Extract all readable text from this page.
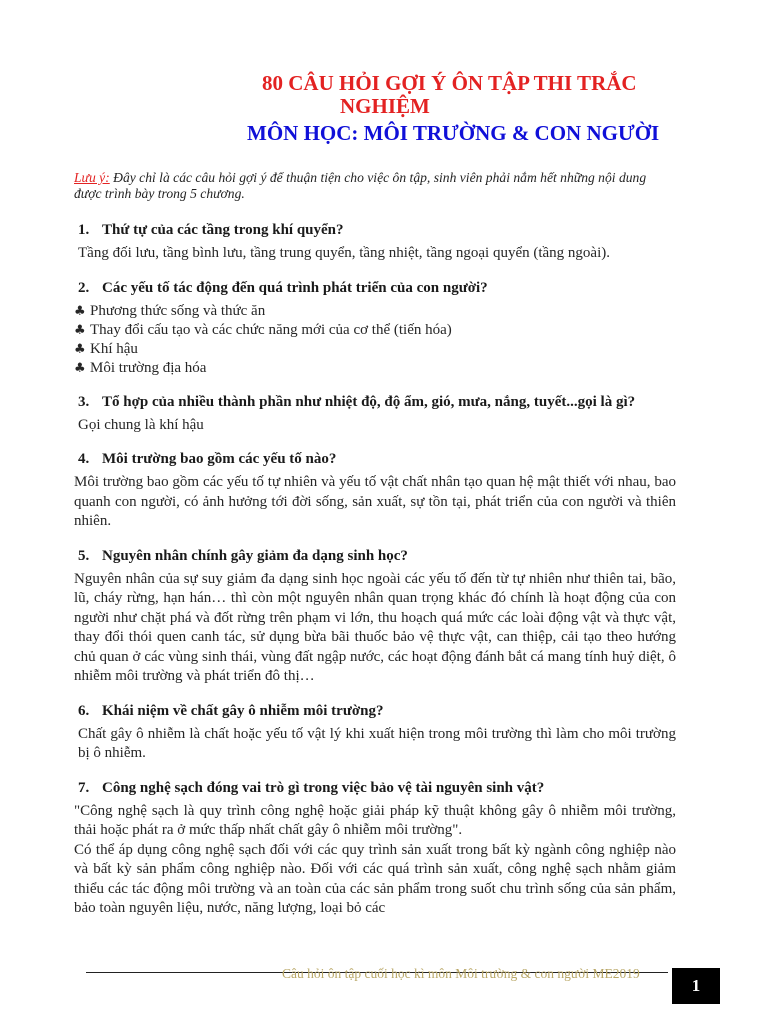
80 CÂU HỎI GỢI Ý ÔN TẬP THI TRẮC
NGHIỆM
MÔN HỌC: MÔI TRƯỜNG & CON NGƯỜI
Lưu ý: Đây chỉ là các câu hỏi gợi ý để thuận tiện cho việc ôn tập, sinh viên phải nắm hết những nội dung được trình bày trong 5 chương.
1. Thứ tự của các tầng trong khí quyển?
Tầng đối lưu, tầng bình lưu, tầng trung quyển, tầng nhiệt, tầng ngoại quyển (tầng ngoài).
2. Các yếu tố tác động đến quá trình phát triển của con người?
♣ Phương thức sống và thức ăn
♣ Thay đổi cấu tạo và các chức năng mới của cơ thể (tiến hóa)
♣ Khí hậu
♣ Môi trường địa hóa
3. Tổ hợp của nhiều thành phần như nhiệt độ, độ ẩm, gió, mưa, nắng, tuyết...gọi là gì?
Gọi chung là khí hậu
4. Môi trường bao gồm các yếu tố nào?
Môi trường bao gồm các yếu tố tự nhiên và yếu tố vật chất nhân tạo quan hệ mật thiết với nhau, bao quanh con người, có ảnh hưởng tới đời sống, sản xuất, sự tồn tại, phát triển của con người và thiên nhiên.
5. Nguyên nhân chính gây giảm đa dạng sinh học?
Nguyên nhân của sự suy giảm đa dạng sinh học ngoài các yếu tố đến từ tự nhiên như thiên tai, bão, lũ, cháy rừng, hạn hán… thì còn một nguyên nhân quan trọng khác đó chính là hoạt động của con người như chặt phá và đốt rừng trên phạm vi lớn, thu hoạch quá mức các loài động vật và thực vật, thay đổi thói quen canh tác, sử dụng bừa bãi thuốc bảo vệ thực vật, can thiệp, cải tạo theo hướng chủ quan ở các vùng sinh thái, vùng đất ngập nước, các hoạt động đánh bắt cá mang tính huỷ diệt, ô nhiễm môi trường và phát triển đô thị…
6. Khái niệm về chất gây ô nhiễm môi trường?
Chất gây ô nhiễm là chất hoặc yếu tố vật lý khi xuất hiện trong môi trường thì làm cho môi trường bị ô nhiễm.
7. Công nghệ sạch đóng vai trò gì trong việc bảo vệ tài nguyên sinh vật?
"Công nghệ sạch là quy trình công nghệ hoặc giải pháp kỹ thuật không gây ô nhiễm môi trường, thải hoặc phát ra ở mức thấp nhất chất gây ô nhiễm môi trường".
Có thể áp dụng công nghệ sạch đối với các quy trình sản xuất trong bất kỳ ngành công nghiệp nào và bất kỳ sản phẩm công nghiệp nào. Đối với các quá trình sản xuất, công nghệ sạch nhằm giảm thiểu các tác động môi trường và an toàn của các sản phẩm trong suốt chu trình sống của sản phẩm, bảo toàn nguyên liệu, nước, năng lượng, loại bỏ các
Câu hỏi ôn tập cuối học kì môn Môi trường & con người ME2019
1
